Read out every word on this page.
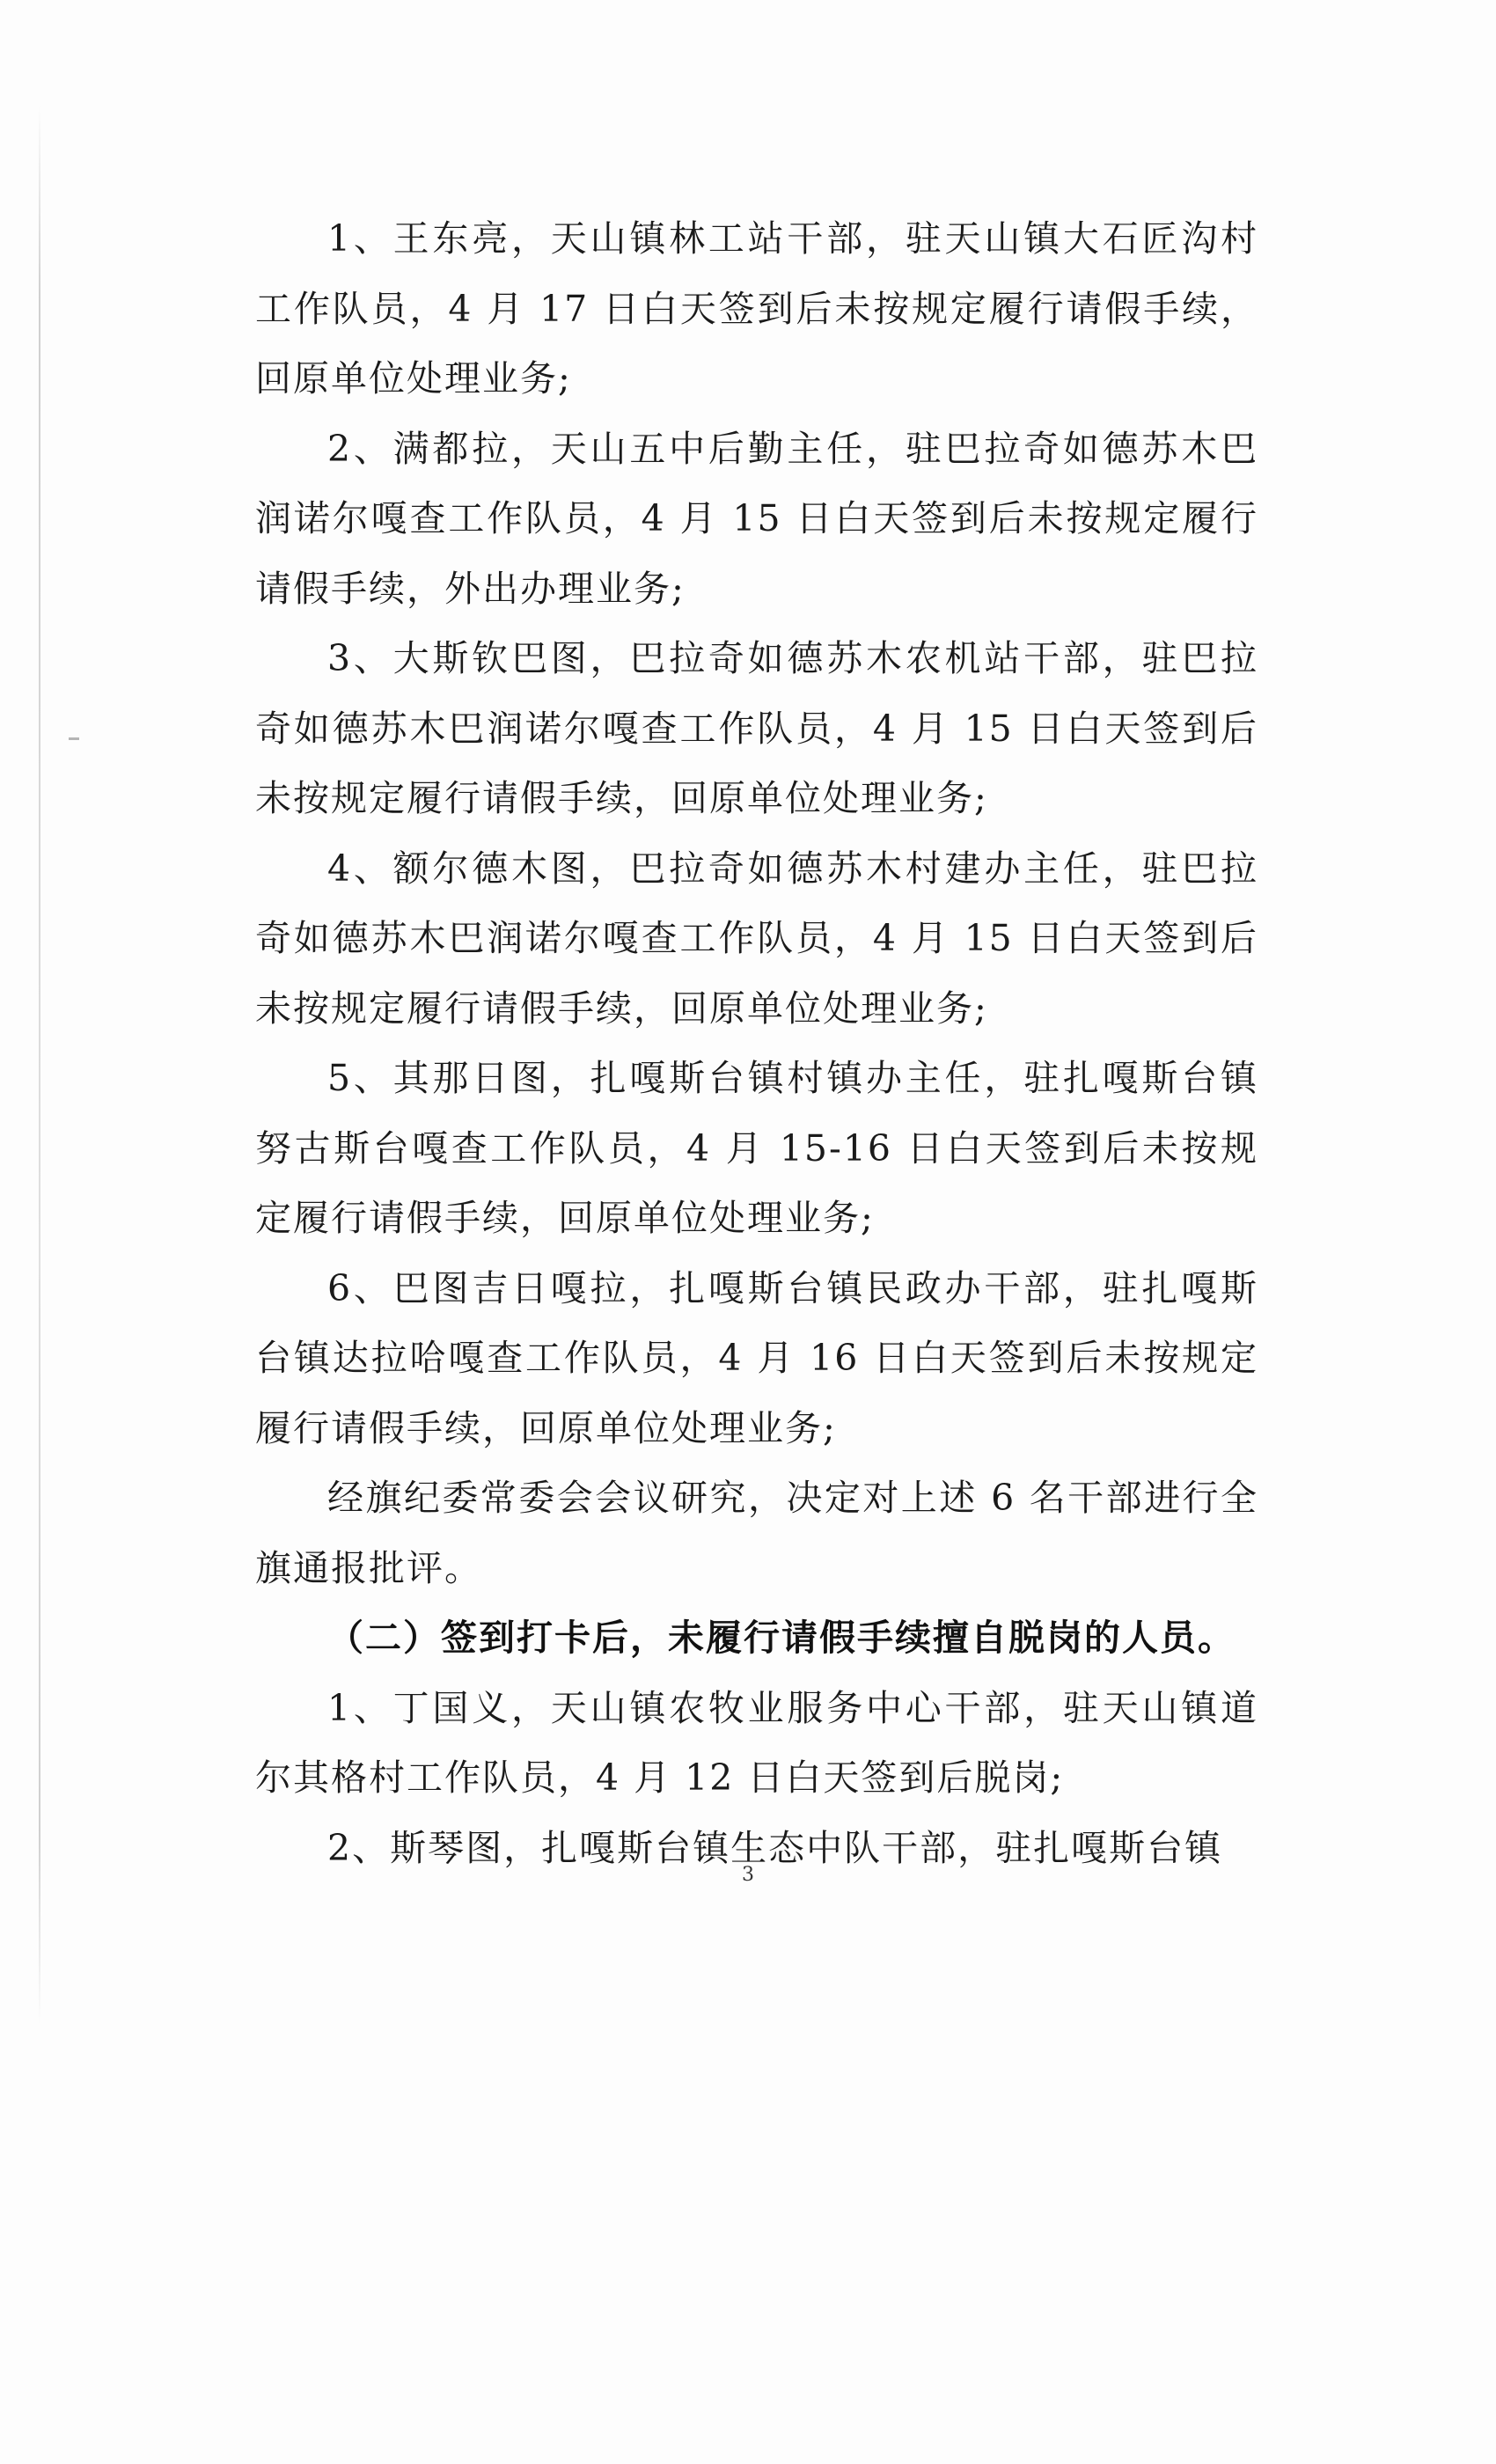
1、王东亮，天山镇林工站干部，驻天山镇大石匠沟村工作队员，4 月 17 日白天签到后未按规定履行请假手续，回原单位处理业务;

2、满都拉，天山五中后勤主任，驻巴拉奇如德苏木巴润诺尔嘎查工作队员，4 月 15 日白天签到后未按规定履行请假手续，外出办理业务;

3、大斯钦巴图，巴拉奇如德苏木农机站干部，驻巴拉奇如德苏木巴润诺尔嘎查工作队员，4 月 15 日白天签到后未按规定履行请假手续，回原单位处理业务;

4、额尔德木图，巴拉奇如德苏木村建办主任，驻巴拉奇如德苏木巴润诺尔嘎查工作队员，4 月 15 日白天签到后未按规定履行请假手续，回原单位处理业务;

5、其那日图，扎嘎斯台镇村镇办主任，驻扎嘎斯台镇努古斯台嘎查工作队员，4 月 15-16 日白天签到后未按规定履行请假手续，回原单位处理业务;

6、巴图吉日嘎拉，扎嘎斯台镇民政办干部，驻扎嘎斯台镇达拉哈嘎查工作队员，4 月 16 日白天签到后未按规定履行请假手续，回原单位处理业务;

经旗纪委常委会会议研究，决定对上述 6 名干部进行全旗通报批评。

（二）签到打卡后，未履行请假手续擅自脱岗的人员。

1、丁国义，天山镇农牧业服务中心干部，驻天山镇道尔其格村工作队员，4 月 12 日白天签到后脱岗;

2、斯琴图，扎嘎斯台镇生态中队干部，驻扎嘎斯台镇

3
